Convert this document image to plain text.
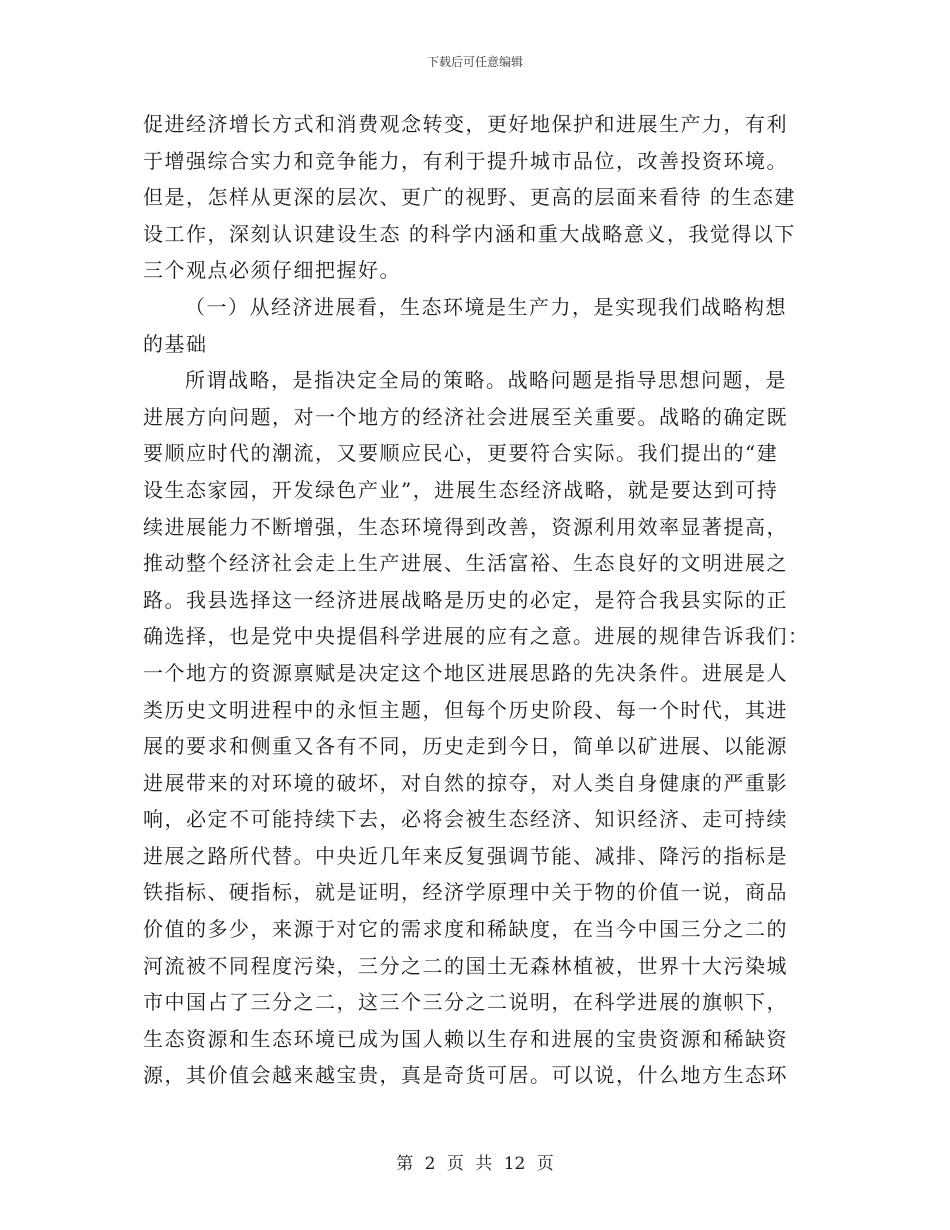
下载后可任意编辑
促进经济增长方式和消费观念转变，更好地保护和进展生产力，有利
于增强综合实力和竞争能力，有利于提升城市品位，改善投资环境。
但是，怎样从更深的层次、更广的视野、更高的层面来看待 的生态建
设工作，深刻认识建设生态 的科学内涵和重大战略意义，我觉得以下
三个观点必须仔细把握好。
（一）从经济进展看，生态环境是生产力，是实现我们战略构想
的基础
所谓战略，是指决定全局的策略。战略问题是指导思想问题，是
进展方向问题，对一个地方的经济社会进展至关重要。战略的确定既
要顺应时代的潮流，又要顺应民心，更要符合实际。我们提出的“建
设生态家园，开发绿色产业”，进展生态经济战略，就是要达到可持
续进展能力不断增强，生态环境得到改善，资源利用效率显著提高，
推动整个经济社会走上生产进展、生活富裕、生态良好的文明进展之
路。我县选择这一经济进展战略是历史的必定，是符合我县实际的正
确选择，也是党中央提倡科学进展的应有之意。进展的规律告诉我们：
一个地方的资源禀赋是决定这个地区进展思路的先决条件。进展是人
类历史文明进程中的永恒主题，但每个历史阶段、每一个时代，其进
展的要求和侧重又各有不同，历史走到今日，简单以矿进展、以能源
进展带来的对环境的破坏，对自然的掠夺，对人类自身健康的严重影
响，必定不可能持续下去，必将会被生态经济、知识经济、走可持续
进展之路所代替。中央近几年来反复强调节能、减排、降污的指标是
铁指标、硬指标，就是证明，经济学原理中关于物的价值一说，商品
价值的多少，来源于对它的需求度和稀缺度，在当今中国三分之二的
河流被不同程度污染，三分之二的国土无森林植被，世界十大污染城
市中国占了三分之二，这三个三分之二说明，在科学进展的旗帜下，
生态资源和生态环境已成为国人赖以生存和进展的宝贵资源和稀缺资
源，其价值会越来越宝贵，真是奇货可居。可以说，什么地方生态环
第 2 页 共 12 页
